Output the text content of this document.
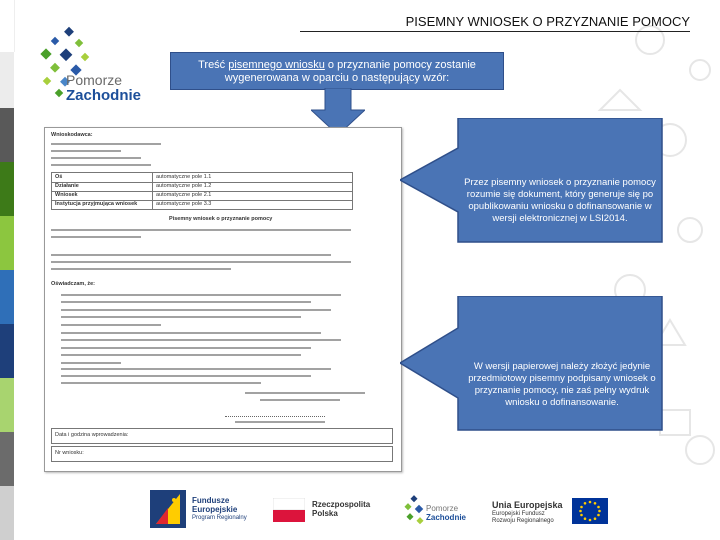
PISEMNY WNIOSEK O PRZYZNANIE POMOCY
Pomorze
Zachodnie
Treść pisemnego wniosku o przyznanie pomocy zostanie
wygenerowana w oparciu o następujący wzór:
Wnioskodawca:
Oś
Działanie
Wniosek
Instytucja przyjmująca wniosek
automatyczne pole 1.1
automatyczne pole 1.2
automatyczne pole 2.1
automatyczne pole 3.3
Pisemny wniosek o przyznanie pomocy
Oświadczam, że:
Data i godzina wprowadzenia:
Nr wniosku:
Przez pisemny wniosek o przyznanie pomocy rozumie się dokument, który generuje się po opublikowaniu wniosku o dofinansowanie w wersji elektronicznej w LSI2014.
W wersji papierowej należy złożyć jedynie przedmiotowy pisemny podpisany wniosek o przyznanie pomocy, nie zaś pełny wydruk wniosku o dofinansowanie.
Fundusze
Europejskie
Program Regionalny
Rzeczpospolita
Polska
Pomorze
Zachodnie
Unia Europejska
Europejski Fundusz
Rozwoju Regionalnego
